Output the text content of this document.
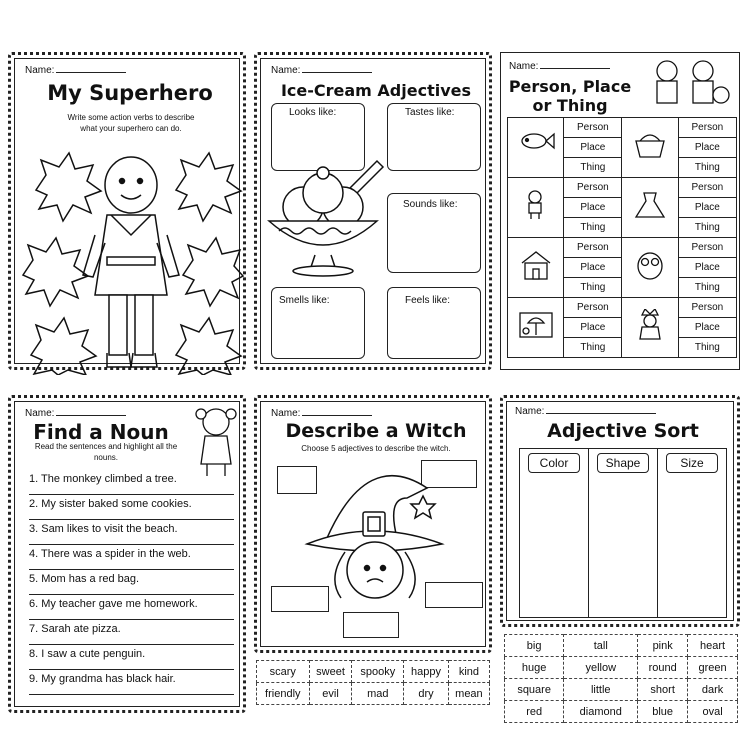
Name:
My Superhero
Write some action verbs to describe what your superhero can do.
Name:
Ice-Cream Adjectives
Looks like:	Tastes like:
Sounds like:
Smells like:	Feels like:
Name:
Person, Place or Thing
	Person		Person
	Place		Place
	Thing		Thing
	Person		Person
	Place		Place
	Thing		Thing
	Person		Person
	Place		Place
	Thing		Thing
	Person		Person
	Place		Place
	Thing		Thing
Name:
Find a Noun
Read the sentences and highlight all the nouns.
1. The monkey climbed a tree.
2. My sister baked some cookies.
3. Sam likes to visit the beach.
4. There was a spider in the web.
5. Mom has a red bag.
6. My teacher gave me homework.
7. Sarah ate pizza.
8. I saw a cute penguin.
9. My grandma has black hair.
Name:
Describe a Witch
Choose 5 adjectives to describe the witch.
scary	sweet	spooky	happy	kind
friendly	evil	mad	dry	mean
Name:
Adjective Sort
Color	Shape	Size
big	tall	pink	heart
huge	yellow	round	green
square	little	short	dark
red	diamond	blue	oval
